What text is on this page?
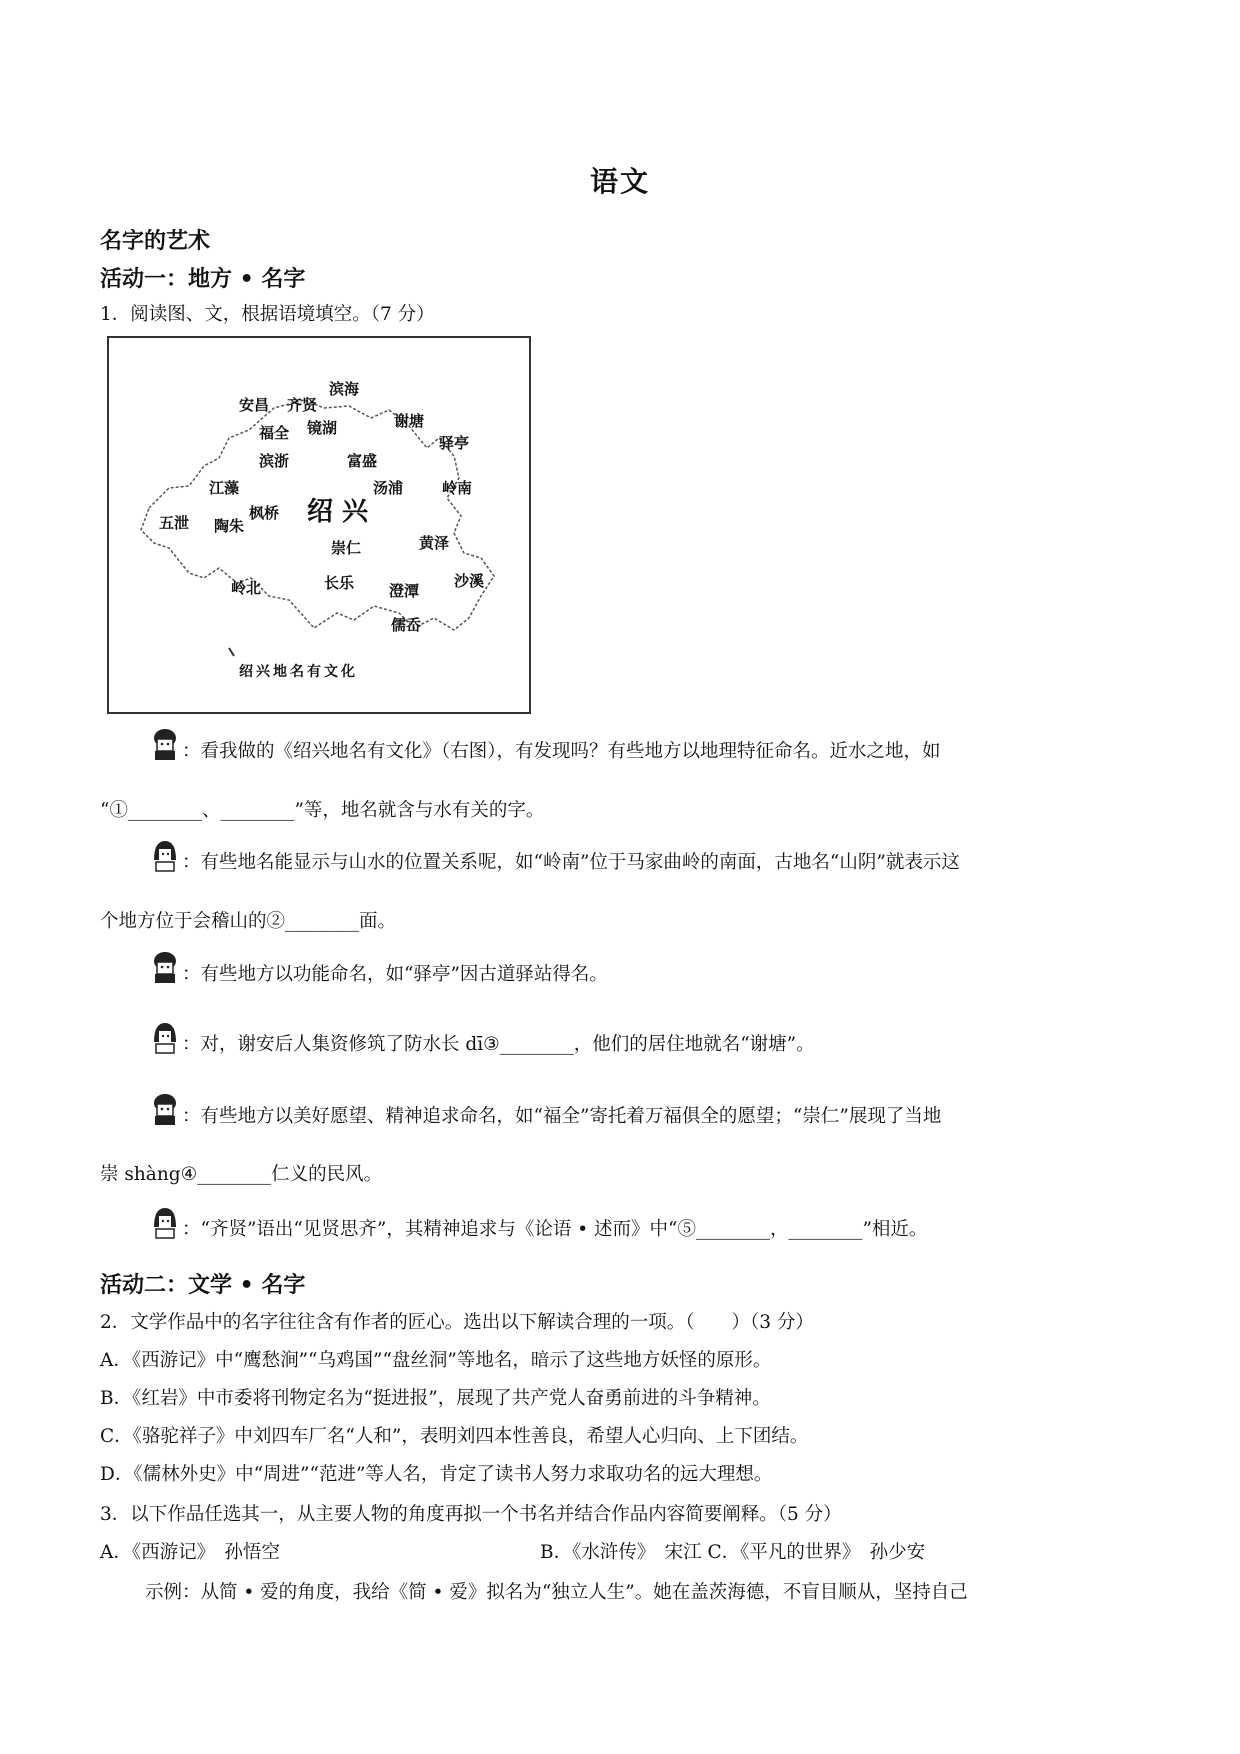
语文
名字的艺术
活动一：地方 • 名字
1．阅读图、文，根据语境填空。（7 分）
滨海
安昌 齐贤
谢塘
福全 镜湖
驿亭
滨浙	富盛
江藻	汤浦	岭南
枫桥
五泄 陶朱 绍 兴
崇仁	黄泽
长乐
岭北	澄潭
沙溪
儒岙
绍兴地名有文化
：看我做的《绍兴地名有文化》（右图），有发现吗？有些地方以地理特征命名。近水之地，如
“①________、________”等，地名就含与水有关的字。
：有些地名能显示与山水的位置关系呢，如“岭南”位于马家曲岭的南面，古地名“山阴”就表示这
个地方位于会稽山的②________面。
：有些地方以功能命名，如“驿亭”因古道驿站得名。
：对，谢安后人集资修筑了防水长 dī③________，他们的居住地就名“谢塘”。
：有些地方以美好愿望、精神追求命名，如“福全”寄托着万福俱全的愿望；“崇仁”展现了当地
崇 shàng④________仁义的民风。
：“齐贤”语出“见贤思齐”，其精神追求与《论语 • 述而》中“⑤________，________”相近。
活动二：文学 • 名字
2．文学作品中的名字往往含有作者的匠心。选出以下解读合理的一项。（　　）（3 分）
A．《西游记》中“鹰愁涧”“乌鸡国”“盘丝洞”等地名，暗示了这些地方妖怪的原形。
B．《红岩》中市委将刊物定名为“挺进报”，展现了共产党人奋勇前进的斗争精神。
C．《骆驼祥子》中刘四车厂名“人和”，表明刘四本性善良，希望人心归向、上下团结。
D．《儒林外史》中“周进”“范进”等人名，肯定了读书人努力求取功名的远大理想。
3．以下作品任选其一，从主要人物的角度再拟一个书名并结合作品内容简要阐释。（5 分）
A．《西游记》　孙悟空	B．《水浒传》　宋江 C．《平凡的世界》　孙少安
示例：从简 • 爱的角度，我给《简 • 爱》拟名为“独立人生”。她在盖茨海德，不盲目顺从，坚持自己
